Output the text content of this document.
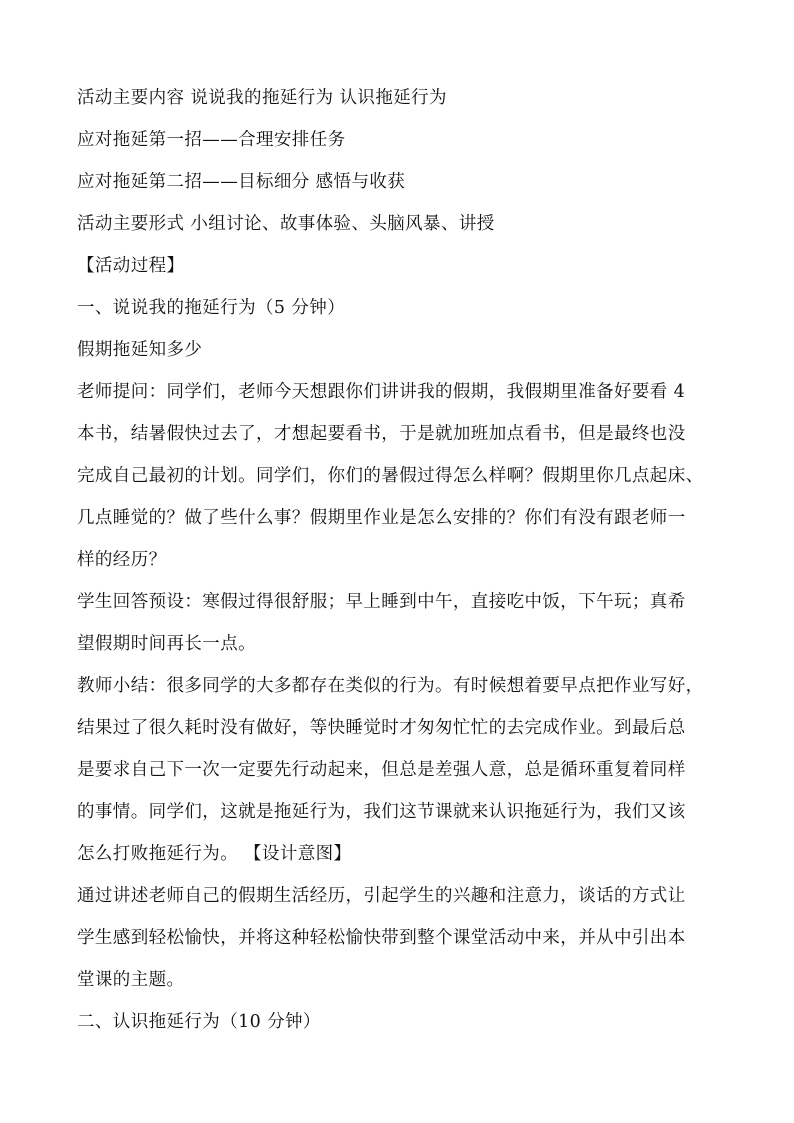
活动主要内容 说说我的拖延行为 认识拖延行为
应对拖延第一招——合理安排任务
应对拖延第二招——目标细分 感悟与收获
活动主要形式 小组讨论、故事体验、头脑风暴、讲授
【活动过程】
一、说说我的拖延行为（5 分钟）
假期拖延知多少
老师提问：同学们，老师今天想跟你们讲讲我的假期，我假期里准备好要看 4
本书，结暑假快过去了，才想起要看书，于是就加班加点看书，但是最终也没
完成自己最初的计划。同学们，你们的暑假过得怎么样啊？假期里你几点起床、
几点睡觉的？做了些什么事？假期里作业是怎么安排的？你们有没有跟老师一
样的经历？
学生回答预设：寒假过得很舒服；早上睡到中午，直接吃中饭，下午玩；真希
望假期时间再长一点。
教师小结：很多同学的大多都存在类似的行为。有时候想着要早点把作业写好，
结果过了很久耗时没有做好，等快睡觉时才匆匆忙忙的去完成作业。到最后总
是要求自己下一次一定要先行动起来，但总是差强人意，总是循环重复着同样
的事情。同学们，这就是拖延行为，我们这节课就来认识拖延行为，我们又该
怎么打败拖延行为。 【设计意图】
通过讲述老师自己的假期生活经历，引起学生的兴趣和注意力，谈话的方式让
学生感到轻松愉快，并将这种轻松愉快带到整个课堂活动中来，并从中引出本
堂课的主题。
二、认识拖延行为（10 分钟）
